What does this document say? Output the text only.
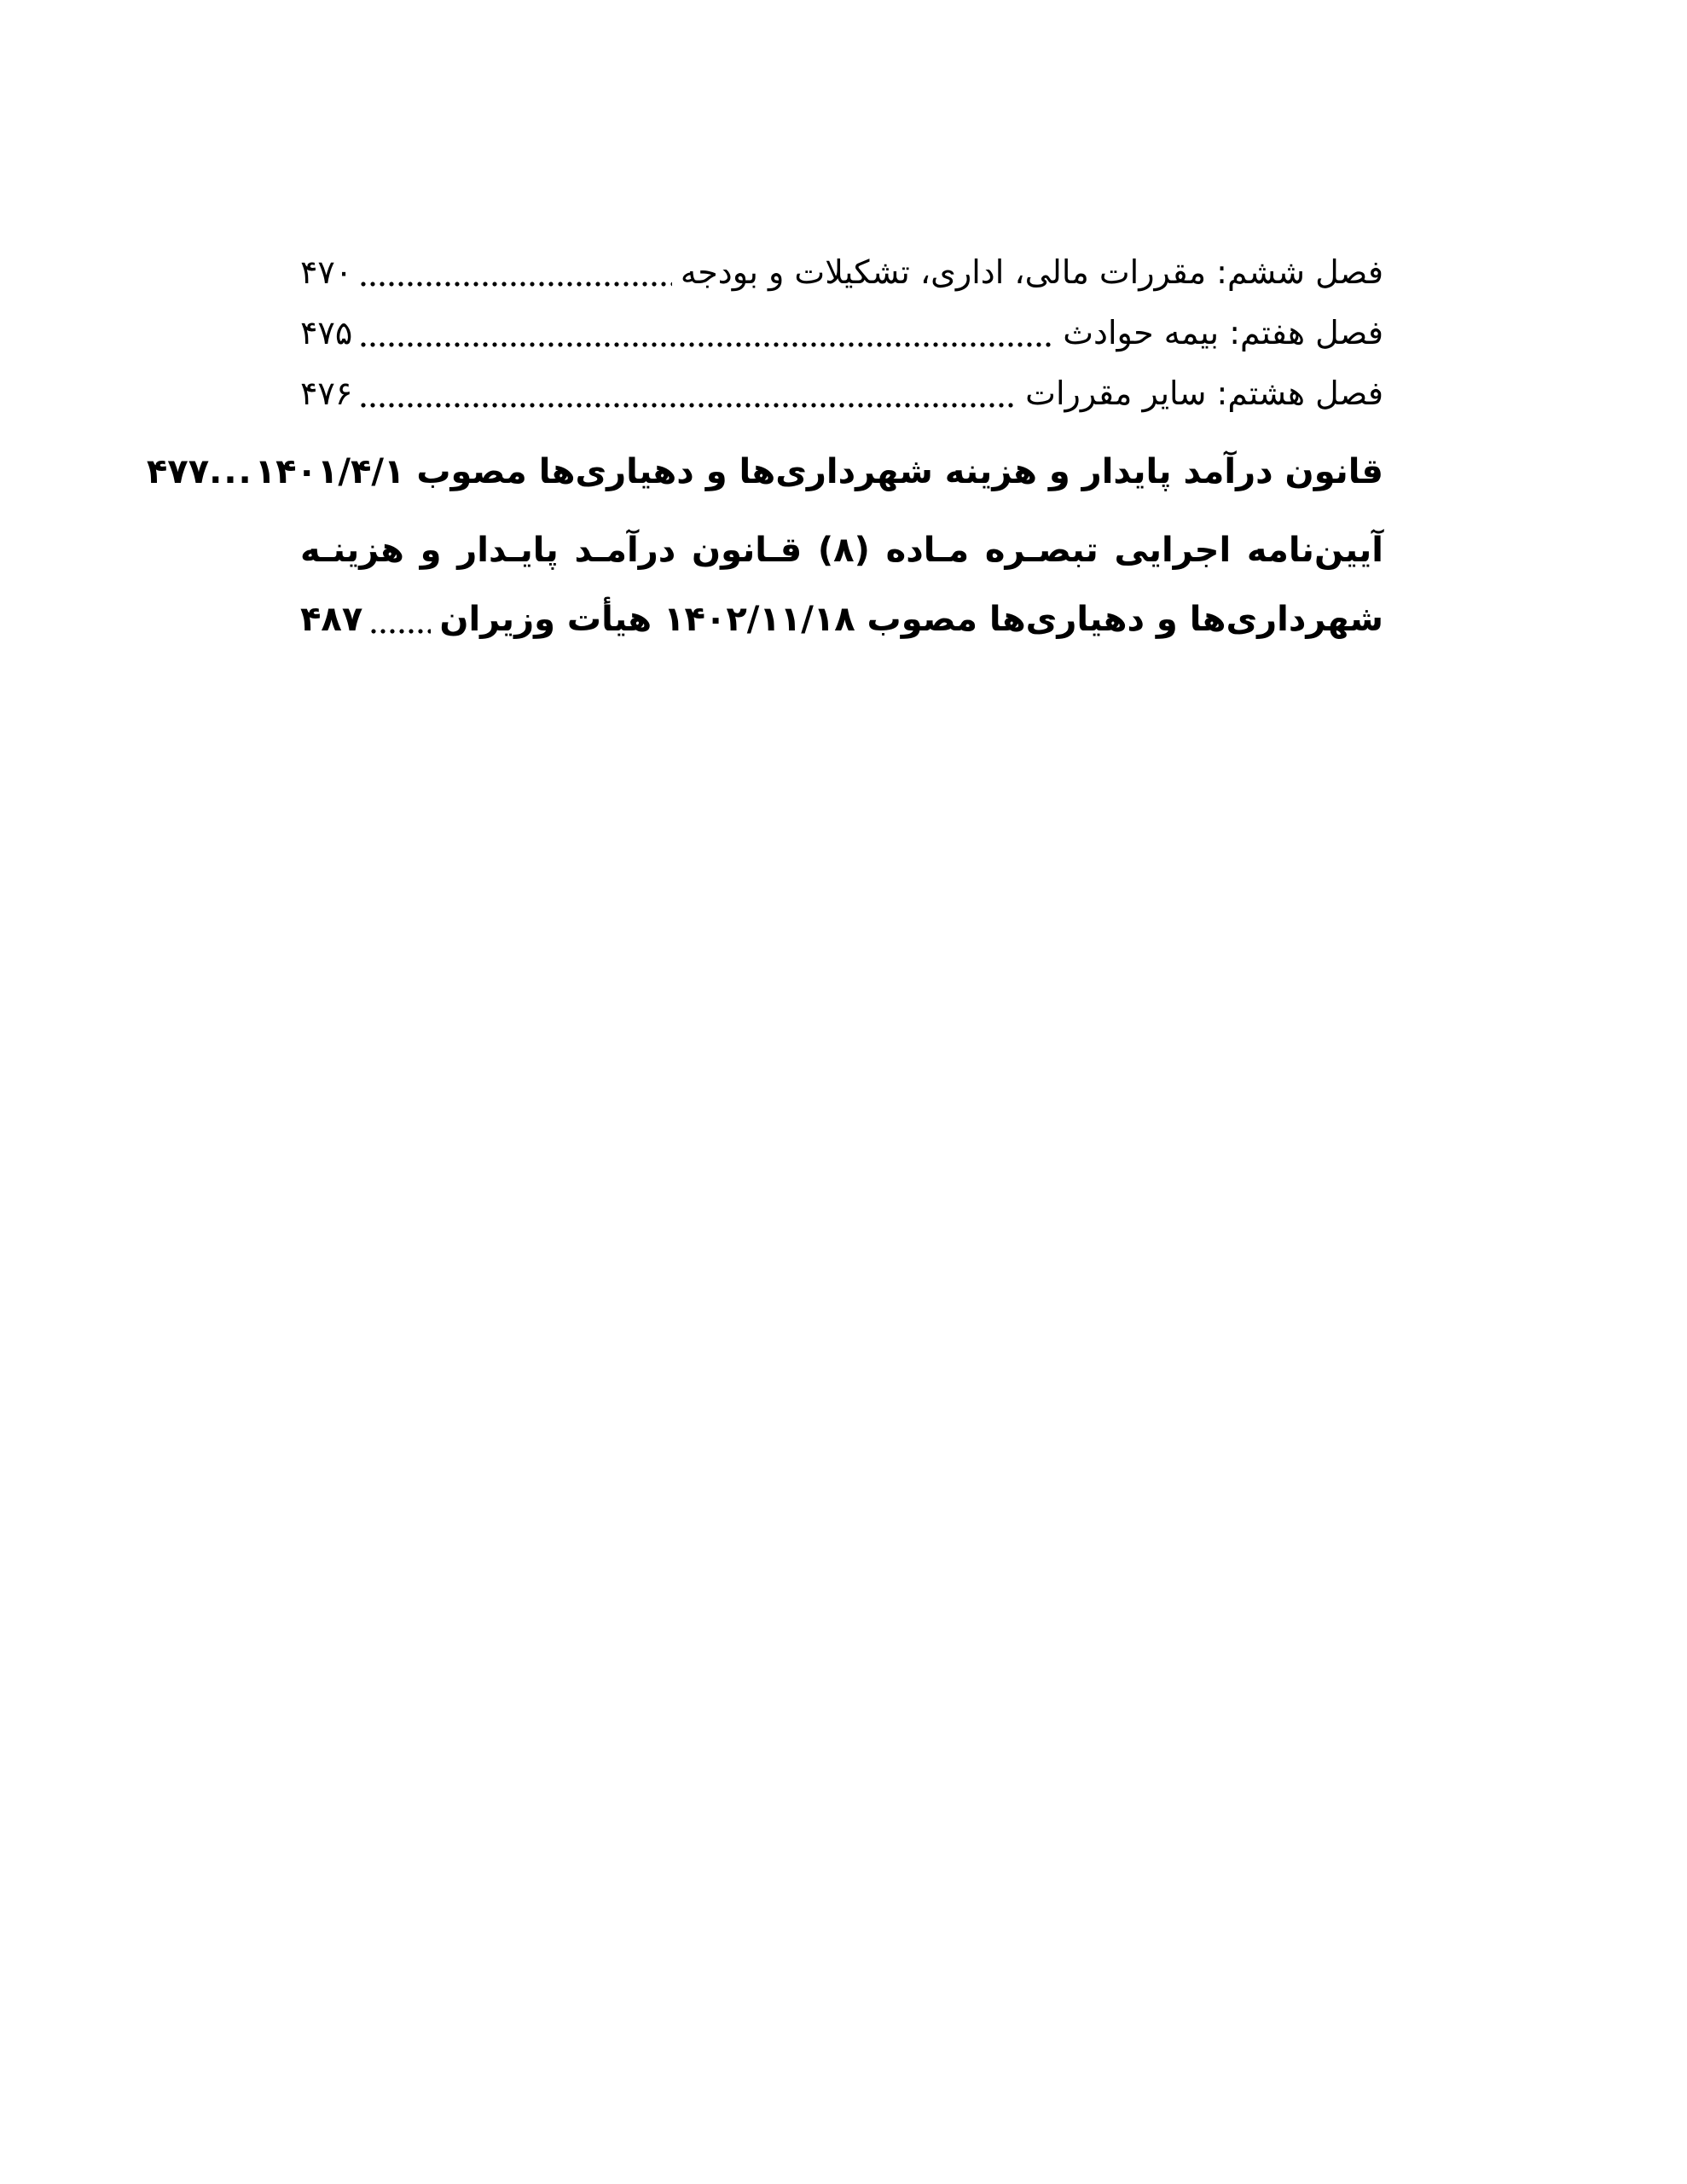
فصل ششم: مقررات مالی، اداری، تشکیلات و بودجه
۴۷۰
فصل هفتم: بیمه حوادث
۴۷۵
فصل هشتم: سایر مقررات
۴۷۶
قانون درآمد پایدار و هزینه شهرداری‌ها و دهیاری‌ها مصوب ۱۴۰۱/۴/۱
...
۴۷۷
آیین‌نامه اجرایی تبصـره مـاده (۸) قـانون درآمـد پایـدار و هزینـه
شهرداری‌ها و دهیاری‌ها مصوب ۱۴۰۲/۱۱/۱۸ هیأت وزیران
۴۸۷
